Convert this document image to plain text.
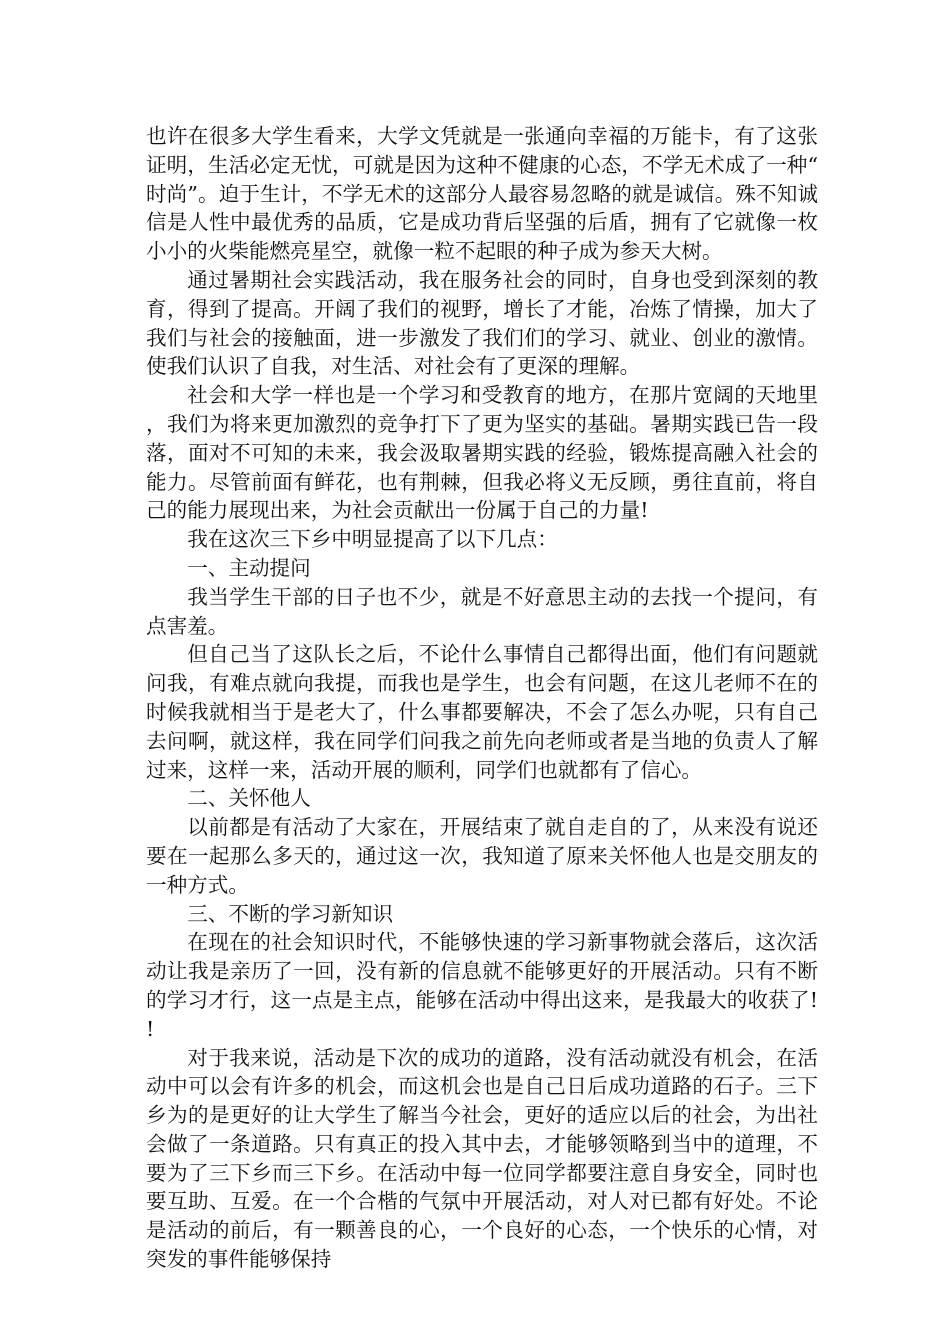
也许在很多大学生看来，大学文凭就是一张通向幸福的万能卡，有了这张证明，生活必定无忧，可就是因为这种不健康的心态，不学无术成了一种“时尚”。迫于生计，不学无术的这部分人最容易忽略的就是诚信。殊不知诚信是人性中最优秀的品质，它是成功背后坚强的后盾，拥有了它就像一枚小小的火柴能燃亮星空，就像一粒不起眼的种子成为参天大树。

通过暑期社会实践活动，我在服务社会的同时，自身也受到深刻的教育，得到了提高。开阔了我们的视野，增长了才能，冶炼了情操，加大了我们与社会的接触面，进一步激发了我们们的学习、就业、创业的激情。使我们认识了自我，对生活、对社会有了更深的理解。

社会和大学一样也是一个学习和受教育的地方，在那片宽阔的天地里，我们为将来更加激烈的竞争打下了更为坚实的基础。暑期实践已告一段落，面对不可知的未来，我会汲取暑期实践的经验，锻炼提高融入社会的能力。尽管前面有鲜花，也有荆棘，但我必将义无反顾，勇往直前，将自己的能力展现出来，为社会贡献出一份属于自己的力量!

我在这次三下乡中明显提高了以下几点：

一、主动提问

我当学生干部的日子也不少，就是不好意思主动的去找一个提问，有点害羞。

但自己当了这队长之后，不论什么事情自己都得出面，他们有问题就问我，有难点就向我提，而我也是学生，也会有问题，在这儿老师不在的时候我就相当于是老大了，什么事都要解决，不会了怎么办呢，只有自己去问啊，就这样，我在同学们问我之前先向老师或者是当地的负责人了解过来，这样一来，活动开展的顺利，同学们也就都有了信心。

二、关怀他人

以前都是有活动了大家在，开展结束了就自走自的了，从来没有说还要在一起那么多天的，通过这一次，我知道了原来关怀他人也是交朋友的一种方式。

三、不断的学习新知识

在现在的社会知识时代，不能够快速的学习新事物就会落后，这次活动让我是亲历了一回，没有新的信息就不能够更好的开展活动。只有不断的学习才行，这一点是主点，能够在活动中得出这来，是我最大的收获了!!

对于我来说，活动是下次的成功的道路，没有活动就没有机会，在活动中可以会有许多的机会，而这机会也是自己日后成功道路的石子。三下乡为的是更好的让大学生了解当今社会，更好的适应以后的社会，为出社会做了一条道路。只有真正的投入其中去，才能够领略到当中的道理，不要为了三下乡而三下乡。在活动中每一位同学都要注意自身安全，同时也要互助、互爱。在一个合楷的气氛中开展活动，对人对已都有好处。不论是活动的前后，有一颗善良的心，一个良好的心态，一个快乐的心情，对突发的事件能够保持
